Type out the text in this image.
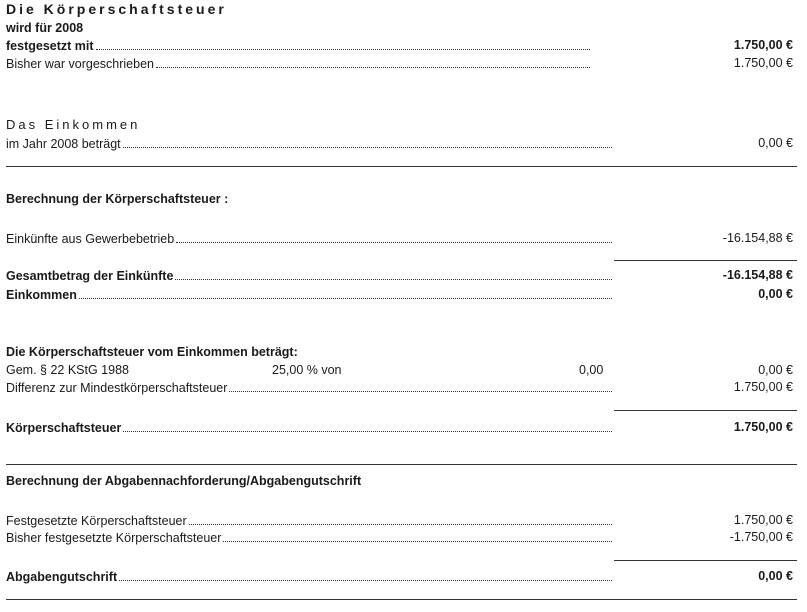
Die Körperschaftsteuer
wird für 2008
festgesetzt mit	1.750,00 €
Bisher war vorgeschrieben	1.750,00 €
Das Einkommen
im Jahr 2008 beträgt	0,00 €
Berechnung der Körperschaftsteuer :
Einkünfte aus Gewerbebetrieb	-16.154,88 €
Gesamtbetrag der Einkünfte	-16.154,88 €
Einkommen	0,00 €
Die Körperschaftsteuer vom Einkommen beträgt:
Gem. § 22 KStG 1988	25,00 % von	0,00	0,00 €
Differenz zur Mindestkörperschaftsteuer	1.750,00 €
Körperschaftsteuer	1.750,00 €
Berechnung der Abgabennachforderung/Abgabengutschrift
Festgesetzte Körperschaftsteuer	1.750,00 €
Bisher festgesetzte Körperschaftsteuer	-1.750,00 €
Abgabengutschrift	0,00 €
